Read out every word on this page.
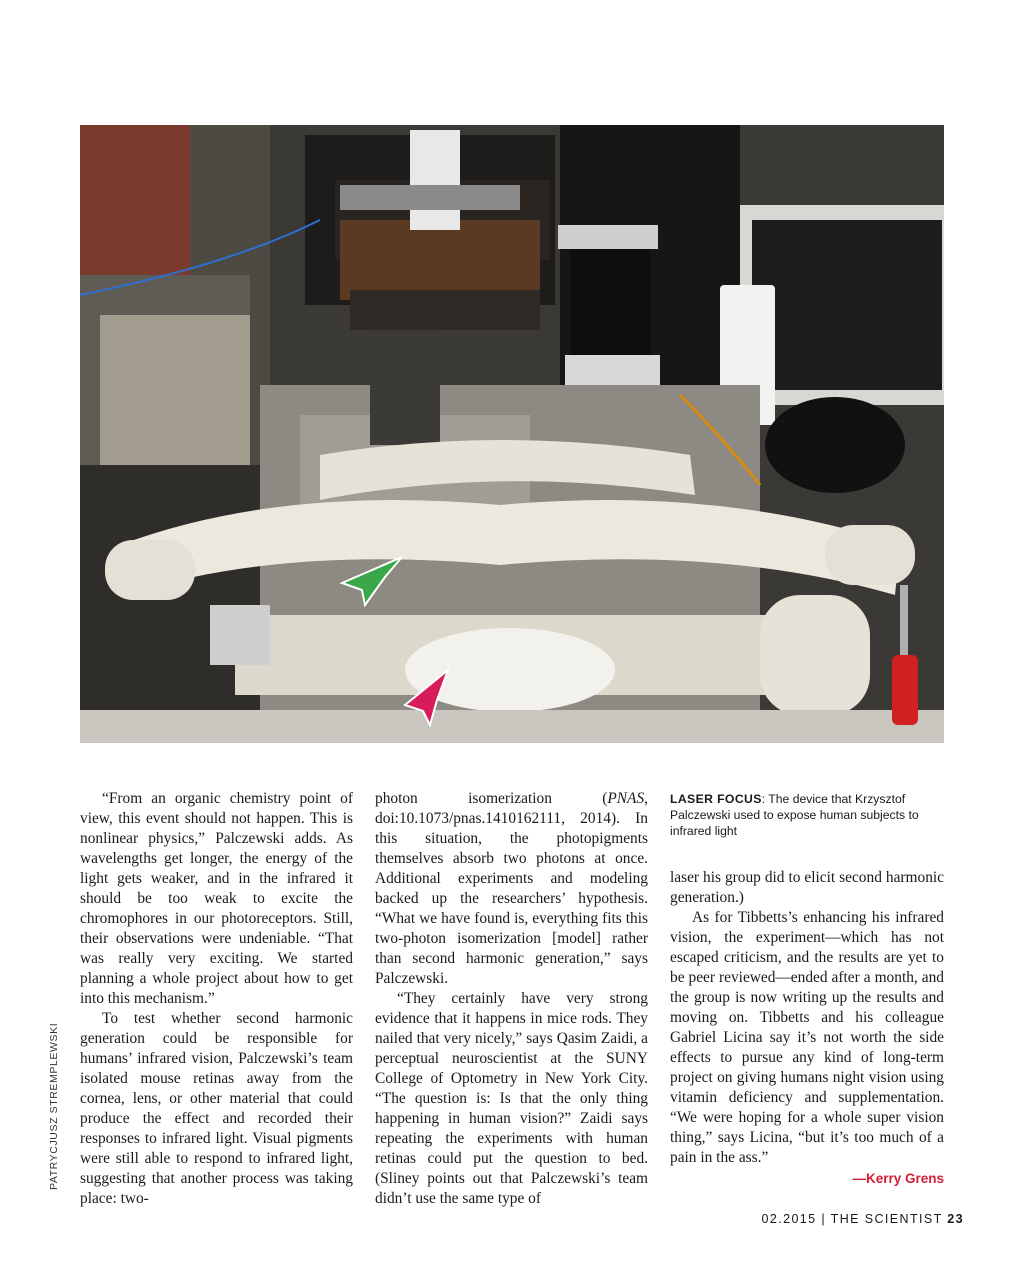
PATRYCJUSZ STREMPLEWSKI
LASER FOCUS: The device that Krzysztof Palczewski used to expose human subjects to infrared light

“From an organic chemistry point of view, this event should not happen. This is nonlinear physics,” Palczewski adds. As wavelengths get longer, the energy of the light gets weaker, and in the infrared it should be too weak to excite the chromophores in our photoreceptors. Still, their observations were undeniable. “That was really very exciting. We started planning a whole project about how to get into this mechanism.”

To test whether second harmonic generation could be responsible for humans’ infrared vision, Palczewski’s team isolated mouse retinas away from the cornea, lens, or other material that could produce the effect and recorded their responses to infrared light. Visual pigments were still able to respond to infrared light, suggesting that another process was taking place: two-

photon isomerization (PNAS, doi:10.1073/pnas.1410162111, 2014). In this situation, the photopigments themselves absorb two photons at once. Additional experiments and modeling backed up the researchers’ hypothesis. “What we have found is, everything fits this two-photon isomerization [model] rather than second harmonic generation,” says Palczewski.

“They certainly have very strong evidence that it happens in mice rods. They nailed that very nicely,” says Qasim Zaidi, a perceptual neuroscientist at the SUNY College of Optometry in New York City. “The question is: Is that the only thing happening in human vision?” Zaidi says repeating the experiments with human retinas could put the question to bed. (Sliney points out that Palczewski’s team didn’t use the same type of

laser his group did to elicit second harmonic generation.)

As for Tibbetts’s enhancing his infrared vision, the experiment—which has not escaped criticism, and the results are yet to be peer reviewed—ended after a month, and the group is now writing up the results and moving on. Tibbetts and his colleague Gabriel Licina say it’s not worth the side effects to pursue any kind of long-term project on giving humans night vision using vitamin deficiency and supplementation. “We were hoping for a whole super vision thing,” says Licina, “but it’s too much of a pain in the ass.”

—Kerry Grens
02.2015 | THE SCIENTIST 23
